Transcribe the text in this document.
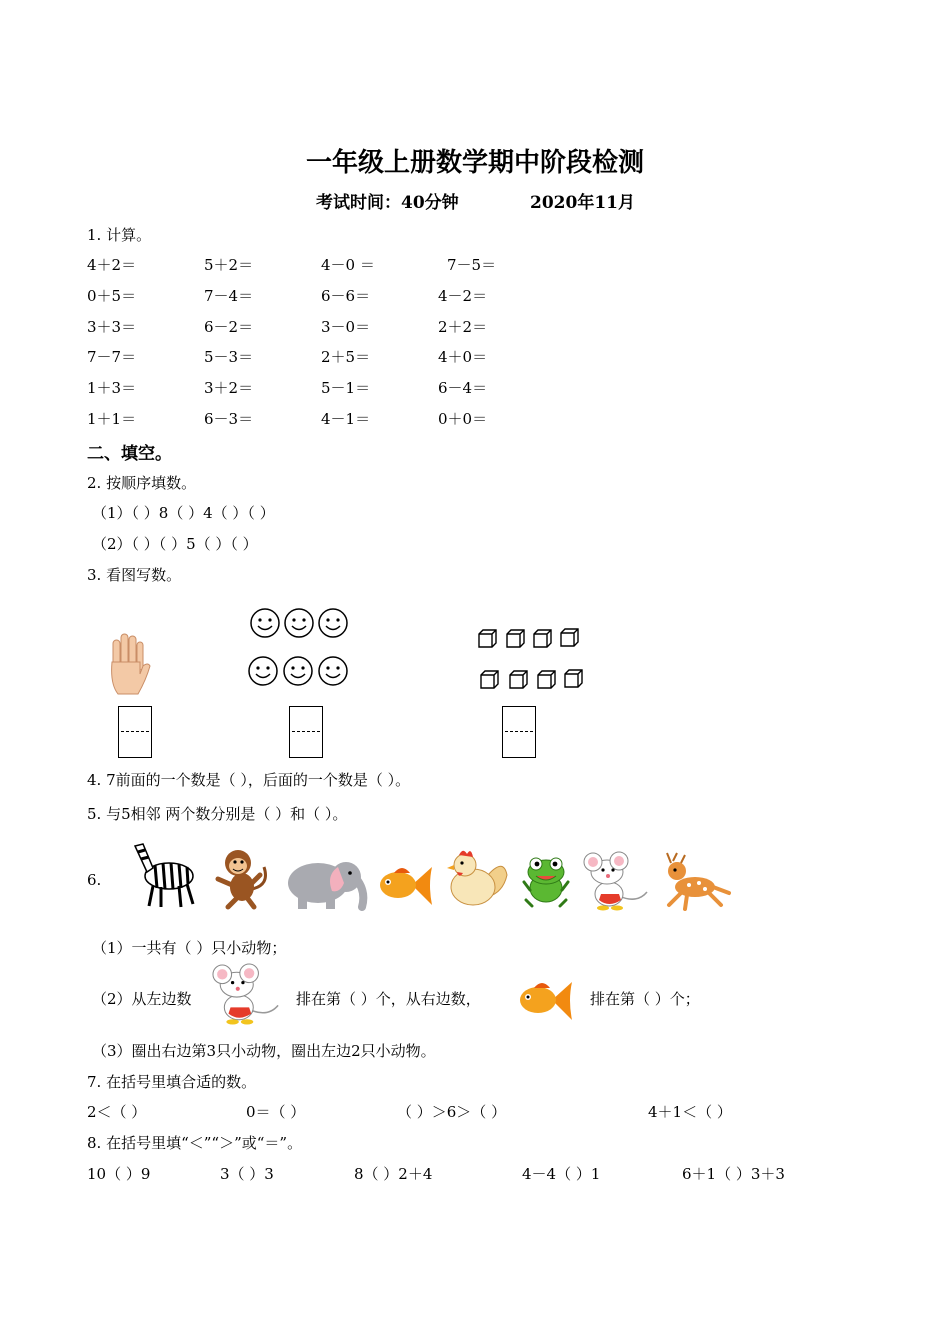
一年级上册数学期中阶段检测
考试时间：40分钟	2020年11月
1. 计算。
4＋2＝	5＋2＝	4－0 ＝	7－5＝
0＋5＝	7－4＝	6－6＝	4－2＝
3＋3＝	6－2＝	3－0＝	2＋2＝
7－7＝	5－3＝	2＋5＝	4＋0＝
1＋3＝	3＋2＝	5－1＝	6－4＝
1＋1＝	6－3＝	4－1＝	0＋0＝
二、填空。
2. 按顺序填数。
（1）（ ）8（ ）4（ ）（ ）
（2）（ ）（ ）5（ ）（ ）
3. 看图写数。
4. 7前面的一个数是（ ），后面的一个数是（ ）。
5. 与5相邻 两个数分别是（ ）和（ ）。
6.
（1）一共有（ ）只小动物；
（2）从左边数	排在第（ ）个，从右边数，	排在第（ ）个；
（3）圈出右边第3只小动物，圈出左边2只小动物。
7. 在括号里填合适的数。
2＜（ ）	0＝（ ）	（ ）＞6＞（ ）	4＋1＜（ ）
8. 在括号里填“＜”“＞”或“＝”。
10（ ）9	3（ ）3	8（ ）2＋4	4－4（ ）1	6＋1（ ）3＋3
